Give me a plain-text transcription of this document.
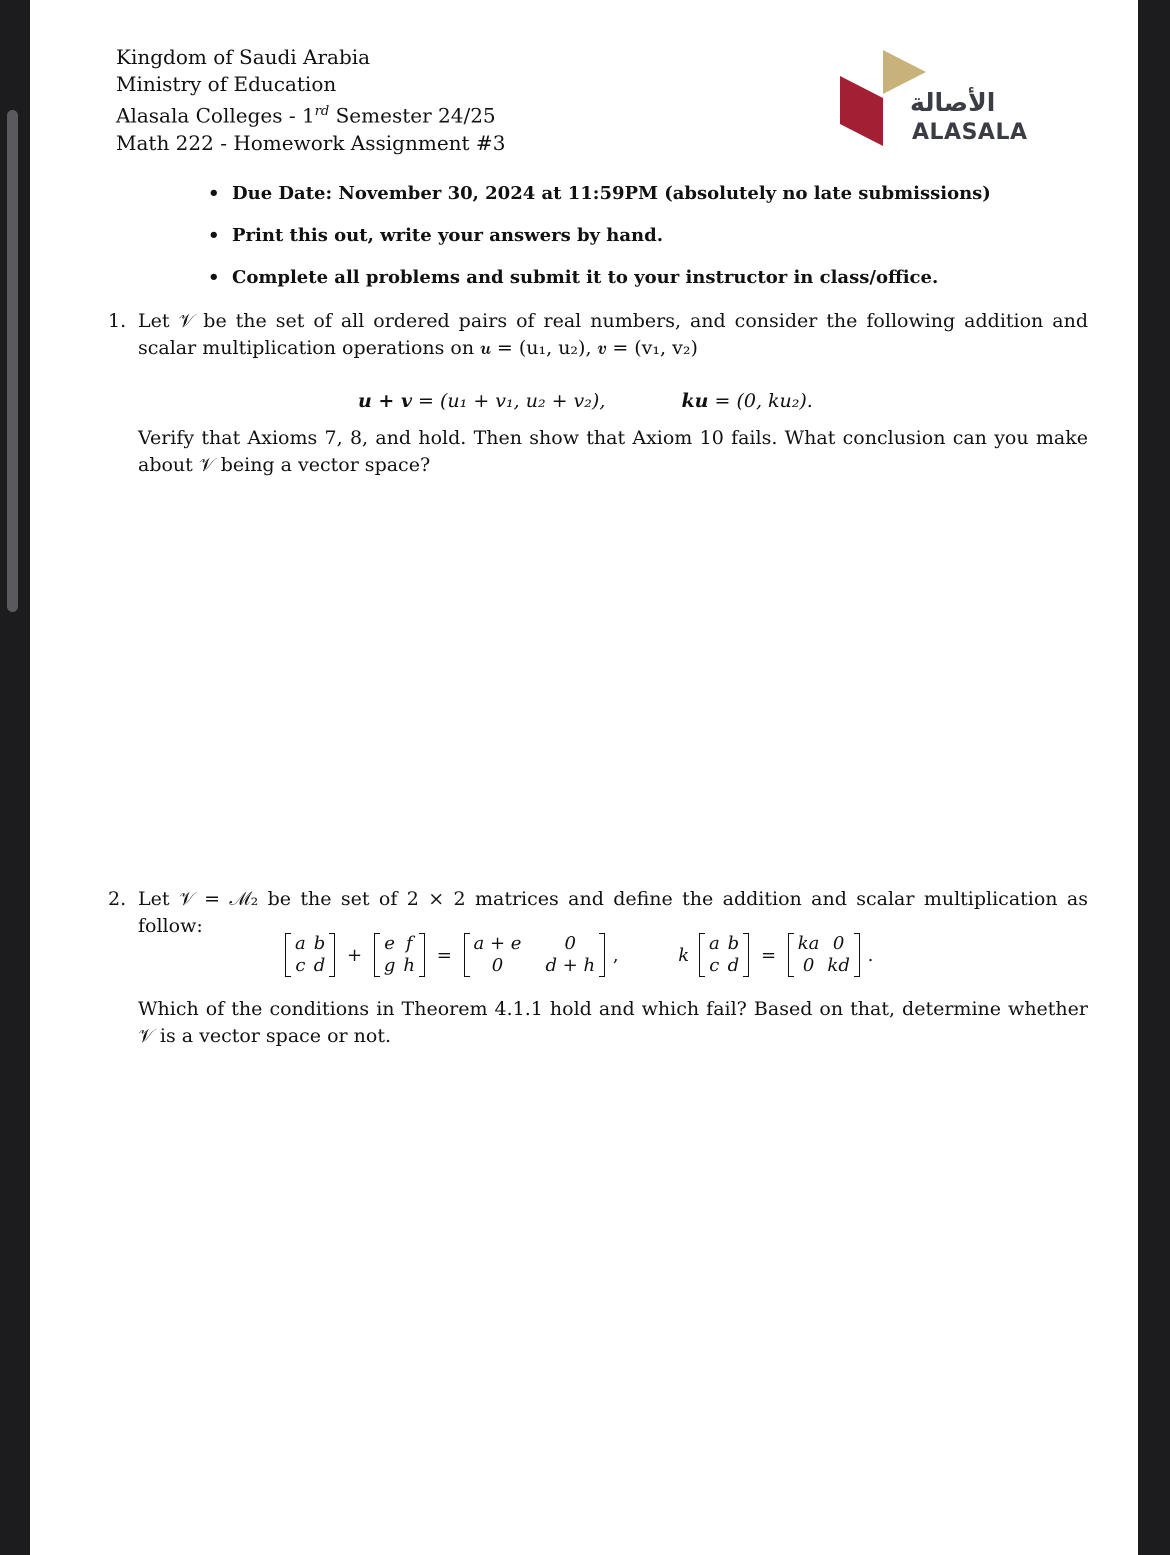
Kingdom of Saudi Arabia
Ministry of Education
Alasala Colleges - 1rd Semester 24/25
Math 222 - Homework Assignment #3
الأصالة
ALASALA
• Due Date: November 30, 2024 at 11:59PM (absolutely no late submissions)
• Print this out, write your answers by hand.
• Complete all problems and submit it to your instructor in class/office.
1. Let 𝒱 be the set of all ordered pairs of real numbers, and consider the following addition and scalar multiplication operations on 𝒖 = (u₁, u₂), 𝒗 = (v₁, v₂)
u + v = (u₁ + v₁, u₂ + v₂),	ku = (0, ku₂).
Verify that Axioms 7, 8, and hold. Then show that Axiom 10 fails. What conclusion can you make about 𝒱 being a vector space?
2. Let 𝒱 = ℳ₂ be the set of 2 × 2 matrices and define the addition and scalar multiplication as follow:
a	b
c	d +
e	f
g	h =
a + e	0
0	d + h ,	k
a	b
c	d =
ka	0
0	kd .
Which of the conditions in Theorem 4.1.1 hold and which fail? Based on that, determine whether 𝒱 is a vector space or not.
